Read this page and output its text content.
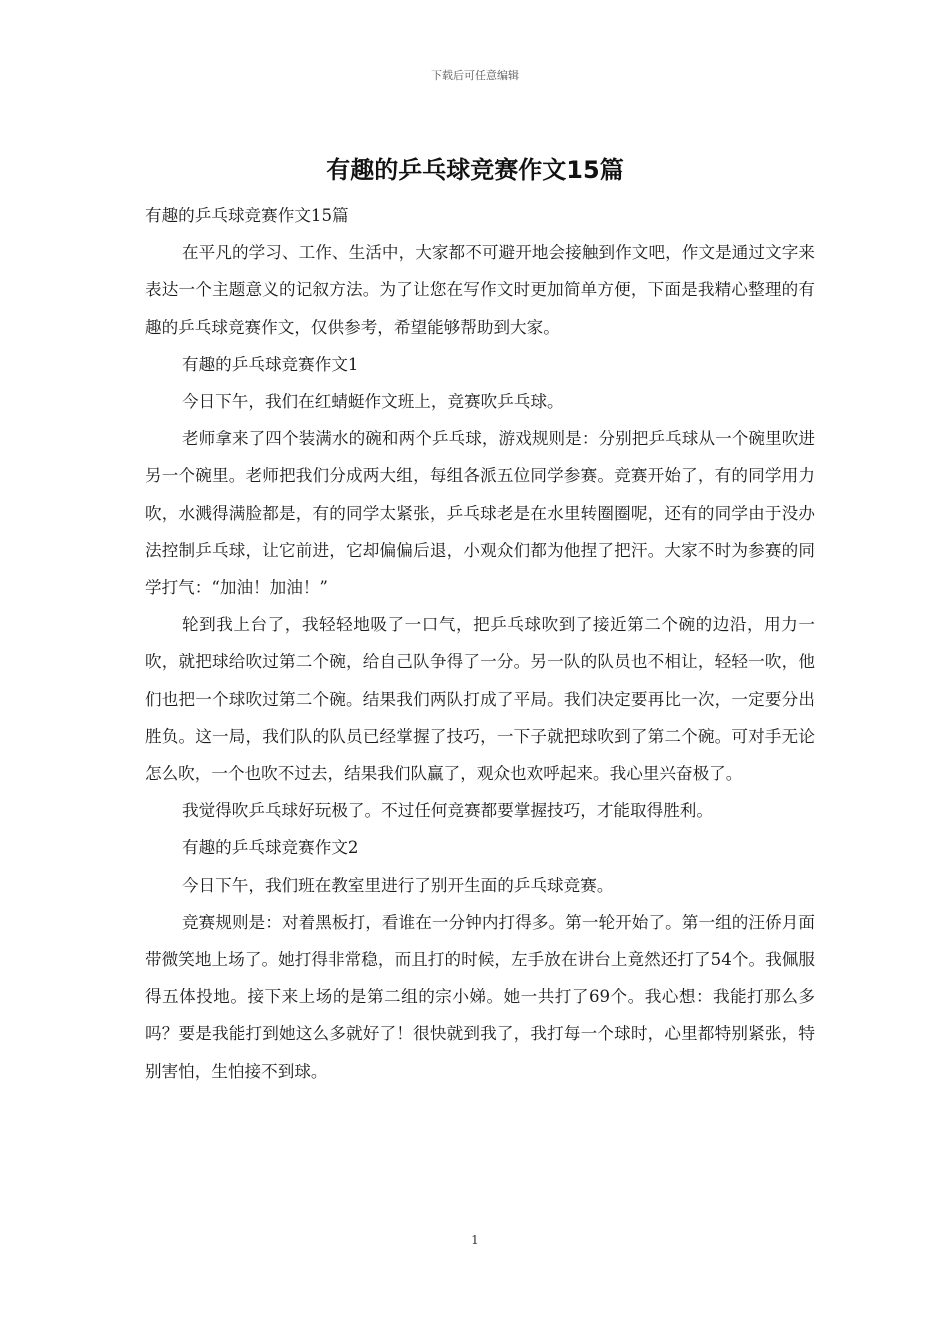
下载后可任意编辑
有趣的乒乓球竞赛作文15篇

有趣的乒乓球竞赛作文15篇

在平凡的学习、工作、生活中，大家都不可避开地会接触到作文吧，作文是通过文字来表达一个主题意义的记叙方法。为了让您在写作文时更加简单方便，下面是我精心整理的有趣的乒乓球竞赛作文，仅供参考，希望能够帮助到大家。

有趣的乒乓球竞赛作文1

今日下午，我们在红蜻蜓作文班上，竞赛吹乒乓球。

老师拿来了四个装满水的碗和两个乒乓球，游戏规则是：分别把乒乓球从一个碗里吹进另一个碗里。老师把我们分成两大组，每组各派五位同学参赛。竞赛开始了，有的同学用力吹，水溅得满脸都是，有的同学太紧张，乒乓球老是在水里转圈圈呢，还有的同学由于没办法控制乒乓球，让它前进，它却偏偏后退，小观众们都为他捏了把汗。大家不时为参赛的同学打气：“加油！加油！”

轮到我上台了，我轻轻地吸了一口气，把乒乓球吹到了接近第二个碗的边沿，用力一吹，就把球给吹过第二个碗，给自己队争得了一分。另一队的队员也不相让，轻轻一吹，他们也把一个球吹过第二个碗。结果我们两队打成了平局。我们决定要再比一次，一定要分出胜负。这一局，我们队的队员已经掌握了技巧，一下子就把球吹到了第二个碗。可对手无论怎么吹，一个也吹不过去，结果我们队赢了，观众也欢呼起来。我心里兴奋极了。

我觉得吹乒乓球好玩极了。不过任何竞赛都要掌握技巧，才能取得胜利。

有趣的乒乓球竞赛作文2

今日下午，我们班在教室里进行了别开生面的乒乓球竞赛。

竞赛规则是：对着黑板打，看谁在一分钟内打得多。第一轮开始了。第一组的汪侨月面带微笑地上场了。她打得非常稳，而且打的时候，左手放在讲台上竟然还打了54个。我佩服得五体投地。接下来上场的是第二组的宗小娣。她一共打了69个。我心想：我能打那么多吗？要是我能打到她这么多就好了！很快就到我了，我打每一个球时，心里都特别紧张，特别害怕，生怕接不到球。

1
